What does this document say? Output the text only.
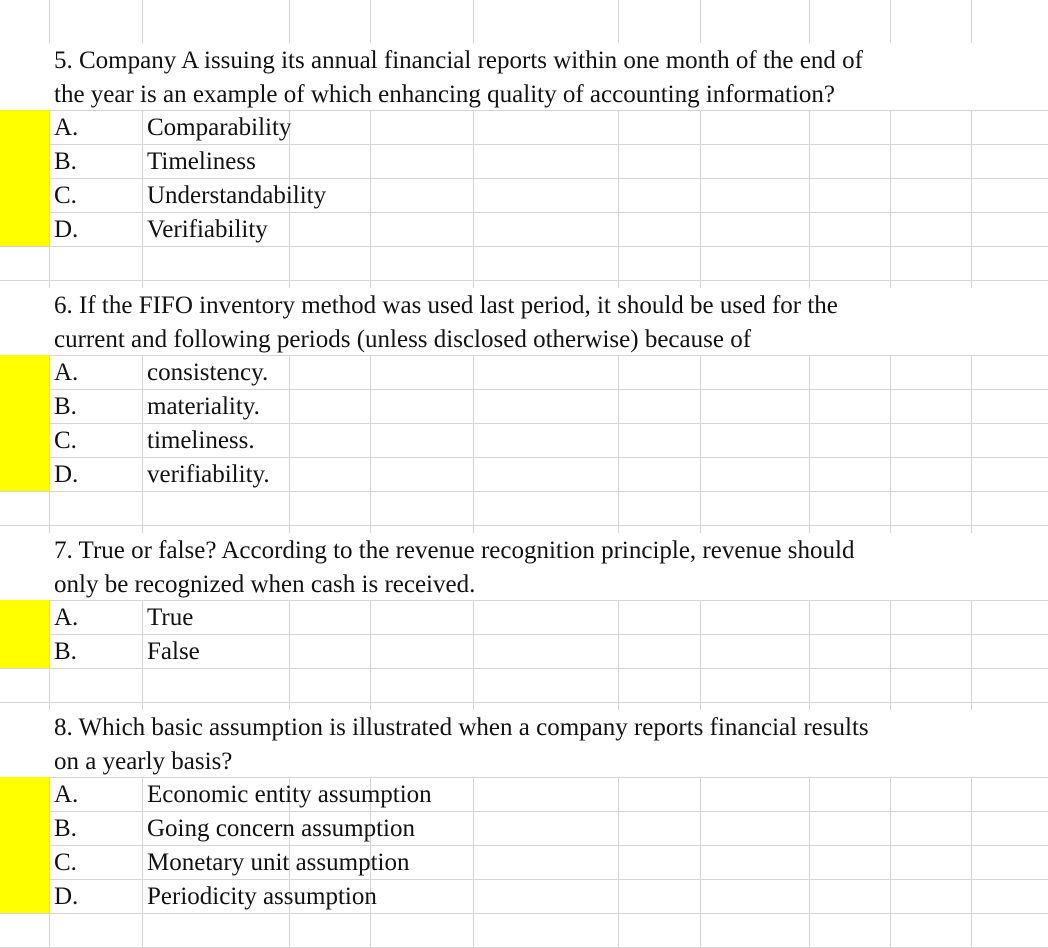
5. Company A issuing its annual financial reports within one month of the end of

the year is an example of which enhancing quality of accounting information?

A.	Comparability
B.	Timeliness
C.	Understandability
D.	Verifiability

6. If the FIFO inventory method was used last period, it should be used for the

current and following periods (unless disclosed otherwise) because of

A.	consistency.
B.	materiality.
C.	timeliness.
D.	verifiability.

7. True or false? According to the revenue recognition principle, revenue should

only be recognized when cash is received.

A.	True
B.	False

8. Which basic assumption is illustrated when a company reports financial results

on a yearly basis?

A.	Economic entity assumption
B.	Going concern assumption
C.	Monetary unit assumption
D.	Periodicity assumption
